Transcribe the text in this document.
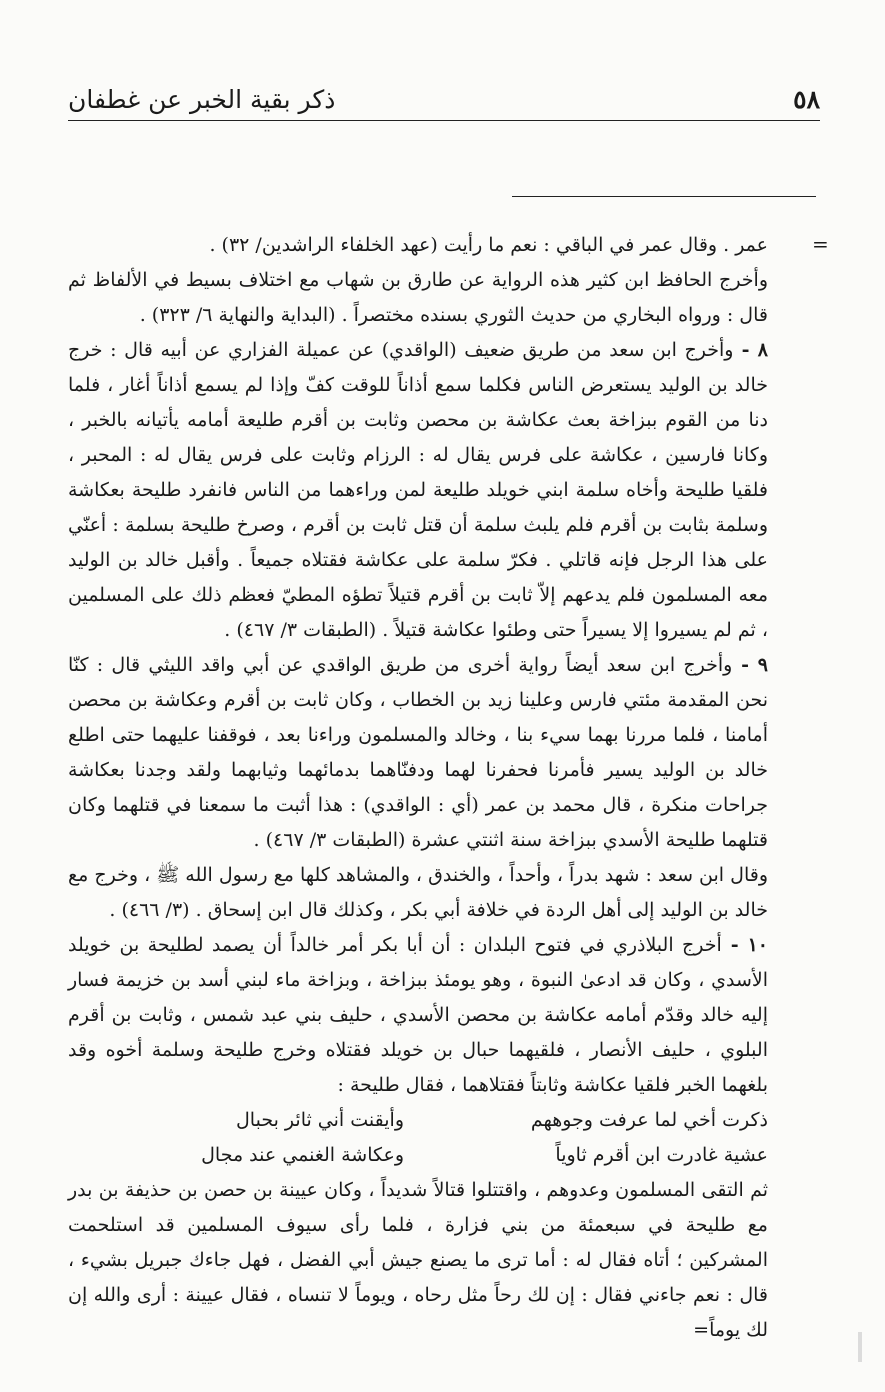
٥٨
ذكر بقية الخبر عن غطفان
=

عمر . وقال عمر في الباقي : نعم ما رأيت (عهد الخلفاء الراشدين/ ٣٢) .

وأخرج الحافظ ابن كثير هذه الرواية عن طارق بن شهاب مع اختلاف بسيط في الألفاظ ثم قال : ورواه البخاري من حديث الثوري بسنده مختصراً . (البداية والنهاية ٦/ ٣٢٣) .

٨ - وأخرج ابن سعد من طريق ضعيف (الواقدي) عن عميلة الفزاري عن أبيه قال : خرج خالد بن الوليد يستعرض الناس فكلما سمع أذاناً للوقت كفّ وإذا لم يسمع أذاناً أغار ، فلما دنا من القوم ببزاخة بعث عكاشة بن محصن وثابت بن أقرم طليعة أمامه يأتيانه بالخبر ، وكانا فارسين ، عكاشة على فرس يقال له : الرزام وثابت على فرس يقال له : المحبر ، فلقيا طليحة وأخاه سلمة ابني خويلد طليعة لمن وراءهما من الناس فانفرد طليحة بعكاشة وسلمة بثابت بن أقرم فلم يلبث سلمة أن قتل ثابت بن أقرم ، وصرخ طليحة بسلمة : أعنّي على هذا الرجل فإنه قاتلي . فكرّ سلمة على عكاشة فقتلاه جميعاً . وأقبل خالد بن الوليد معه المسلمون فلم يدعهم إلاّ ثابت بن أقرم قتيلاً تطؤه المطيّ فعظم ذلك على المسلمين ، ثم لم يسيروا إلا يسيراً حتى وطئوا عكاشة قتيلاً . (الطبقات ٣/ ٤٦٧) .

٩ - وأخرج ابن سعد أيضاً رواية أخرى من طريق الواقدي عن أبي واقد الليثي قال : كنّا نحن المقدمة مئتي فارس وعلينا زيد بن الخطاب ، وكان ثابت بن أقرم وعكاشة بن محصن أمامنا ، فلما مررنا بهما سيء بنا ، وخالد والمسلمون وراءنا بعد ، فوقفنا عليهما حتى اطلع خالد بن الوليد يسير فأمرنا فحفرنا لهما ودفنّاهما بدمائهما وثيابهما ولقد وجدنا بعكاشة جراحات منكرة ، قال محمد بن عمر (أي : الواقدي) : هذا أثبت ما سمعنا في قتلهما وكان قتلهما طليحة الأسدي ببزاخة سنة اثنتي عشرة (الطبقات ٣/ ٤٦٧) .

وقال ابن سعد : شهد بدراً ، وأحداً ، والخندق ، والمشاهد كلها مع رسول الله ﷺ ، وخرج مع خالد بن الوليد إلى أهل الردة في خلافة أبي بكر ، وكذلك قال ابن إسحاق . (٣/ ٤٦٦) .

١٠ - أخرج البلاذري في فتوح البلدان : أن أبا بكر أمر خالداً أن يصمد لطليحة بن خويلد الأسدي ، وكان قد ادعىٰ النبوة ، وهو يومئذ ببزاخة ، وبزاخة ماء لبني أسد بن خزيمة فسار إليه خالد وقدّم أمامه عكاشة بن محصن الأسدي ، حليف بني عبد شمس ، وثابت بن أقرم البلوي ، حليف الأنصار ، فلقيهما حبال بن خويلد فقتلاه وخرج طليحة وسلمة أخوه وقد بلغهما الخبر فلقيا عكاشة وثابتاً فقتلاهما ، فقال طليحة :

ذكرت أخي لما عرفت وجوههم
وأيقنت أني ثائر بحبال
عشية غادرت ابن أقرم ثاوياً
وعكاشة الغنمي عند مجال

ثم التقى المسلمون وعدوهم ، واقتتلوا قتالاً شديداً ، وكان عيينة بن حصن بن حذيفة بن بدر مع طليحة في سبعمئة من بني فزارة ، فلما رأى سيوف المسلمين قد استلحمت المشركين ؛ أتاه فقال له : أما ترى ما يصنع جيش أبي الفضل ، فهل جاءك جبريل بشيء ، قال : نعم جاءني فقال : إن لك رحاً مثل رحاه ، ويوماً لا تنساه ، فقال عيينة : أرى والله إن لك يوماً=
